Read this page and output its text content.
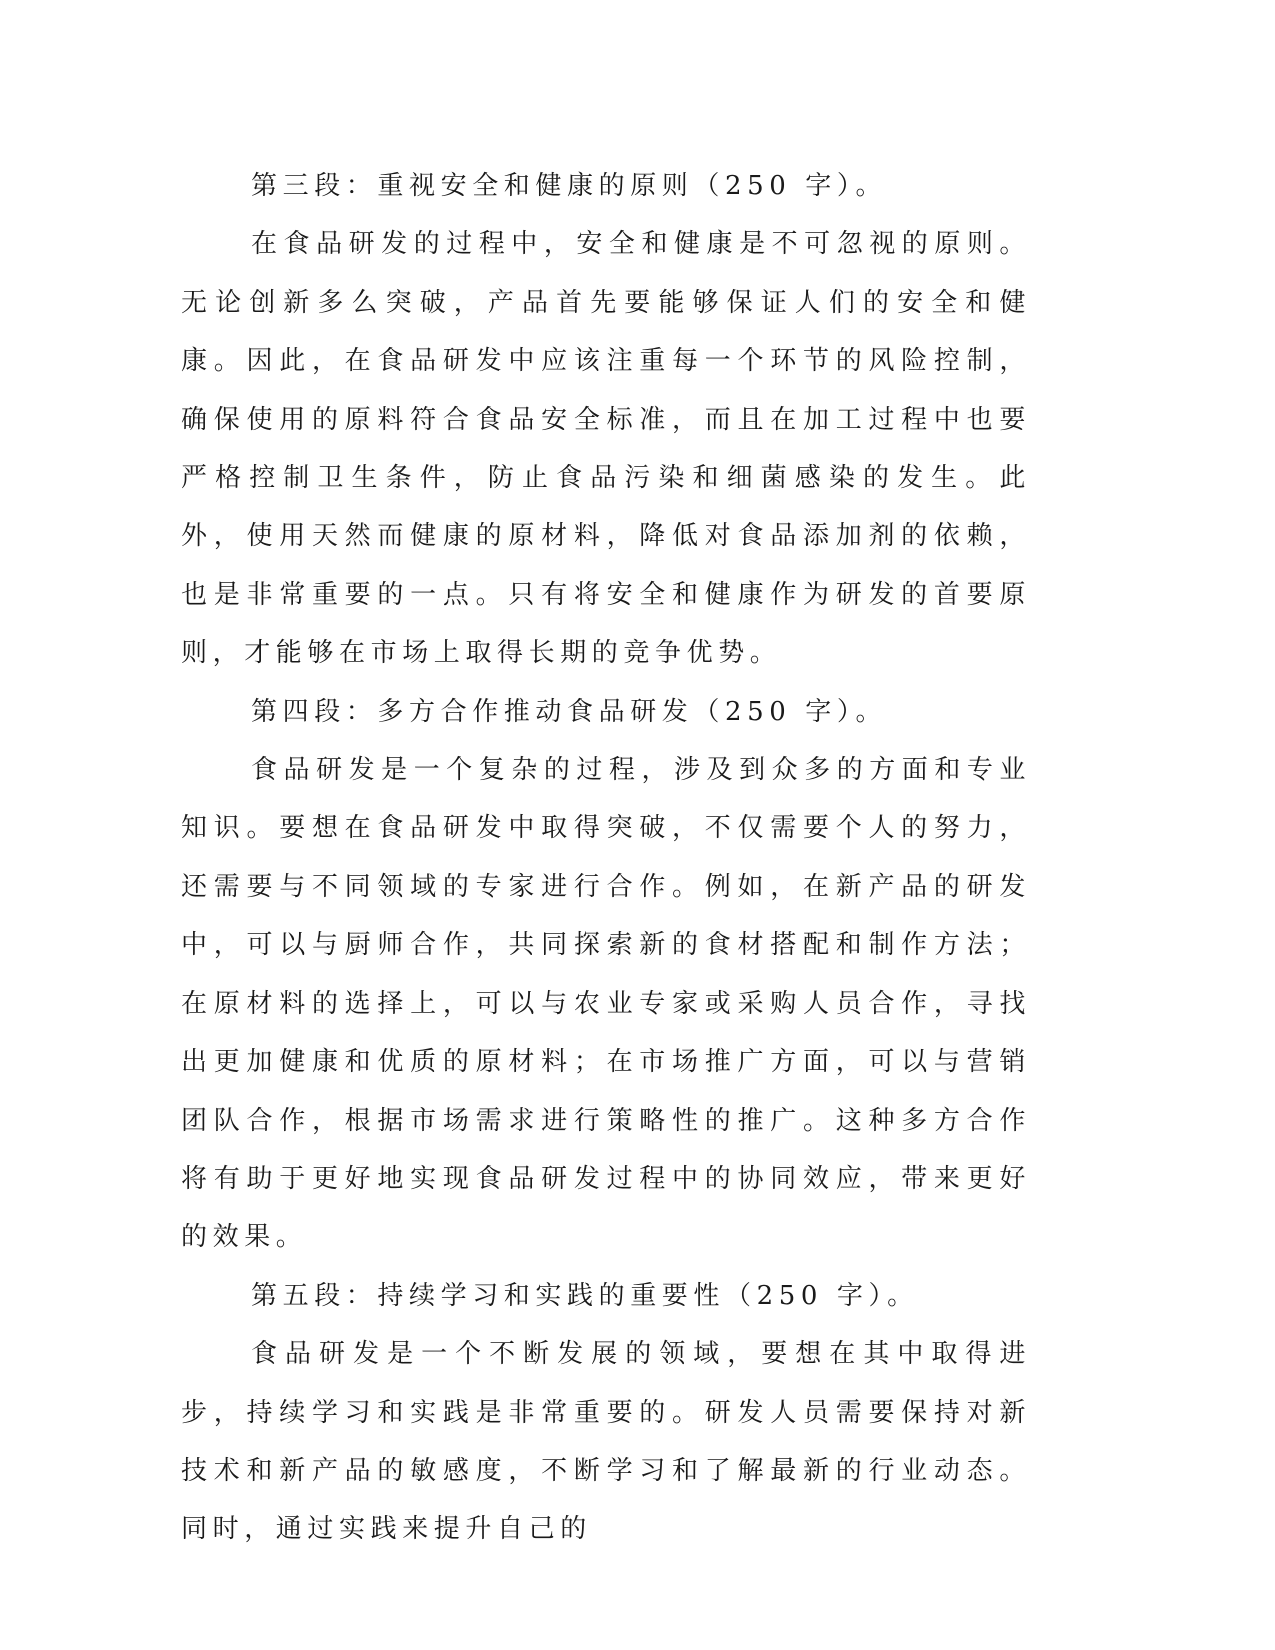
第三段：重视安全和健康的原则（250 字）。

在食品研发的过程中，安全和健康是不可忽视的原则。无论创新多么突破，产品首先要能够保证人们的安全和健康。因此，在食品研发中应该注重每一个环节的风险控制，确保使用的原料符合食品安全标准，而且在加工过程中也要严格控制卫生条件，防止食品污染和细菌感染的发生。此外，使用天然而健康的原材料，降低对食品添加剂的依赖，也是非常重要的一点。只有将安全和健康作为研发的首要原则，才能够在市场上取得长期的竞争优势。

第四段：多方合作推动食品研发（250 字）。

食品研发是一个复杂的过程，涉及到众多的方面和专业知识。要想在食品研发中取得突破，不仅需要个人的努力，还需要与不同领域的专家进行合作。例如，在新产品的研发中，可以与厨师合作，共同探索新的食材搭配和制作方法；在原材料的选择上，可以与农业专家或采购人员合作，寻找出更加健康和优质的原材料；在市场推广方面，可以与营销团队合作，根据市场需求进行策略性的推广。这种多方合作将有助于更好地实现食品研发过程中的协同效应，带来更好的效果。

第五段：持续学习和实践的重要性（250 字）。

食品研发是一个不断发展的领域，要想在其中取得进步，持续学习和实践是非常重要的。研发人员需要保持对新技术和新产品的敏感度，不断学习和了解最新的行业动态。同时，通过实践来提升自己的
